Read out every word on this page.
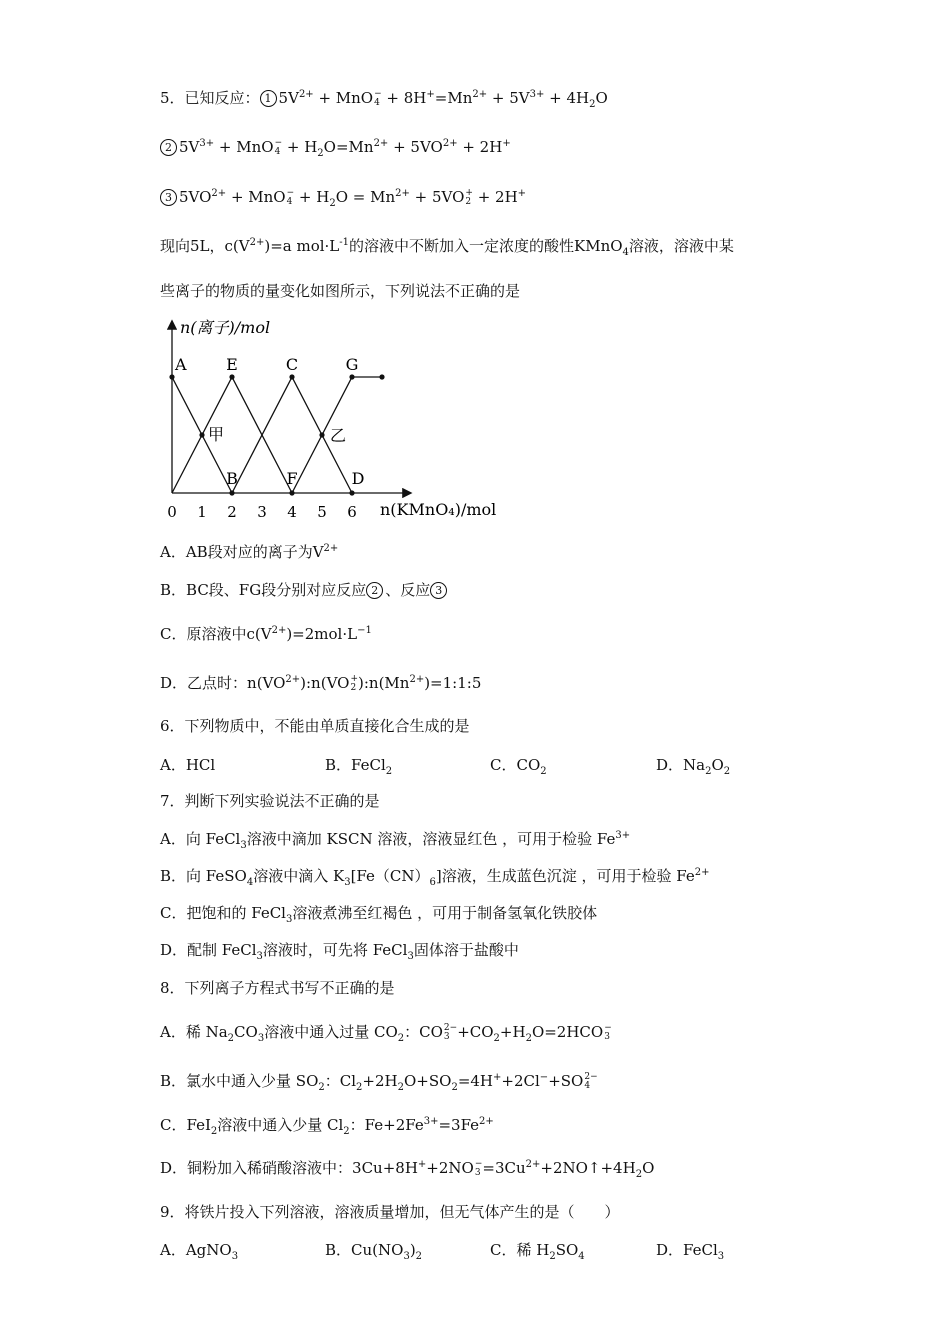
5．已知反应： 1 $5V^{2+}$ + MnO −
$4 + 8H^+=Mn^{2+} + 5V^{3+} + 4H_2O$
2 $5V^{3+}$ + MnO −
$4 + H_2O=Mn^{2+} + 5VO^{2+} + 2H^+$
3 $5VO^{2+}$ + MnO −
$4 + H_2O = Mn^{2+} + 5VO$ +
2 + 2H+
现向5L，$c(V^{2+})=a$ $mol\cdot L^{-1}$的溶液中不断加入一定浓度的酸性KMnO$_4$溶液，溶液中某
些离子的物质的量变化如图所示，下列说法不正确的是
n(离子)/mol
n(KMnO₄)/mol
0 1 2 3 4 5 6
A E	C	G
B	F	D
甲	乙
A．AB段对应的离子为$V^{2+}$
B．BC段、FG段分别对应反应 2 、反应 3
C．原溶液中$c(V^{2+})=2mol\cdot L^{-1}$
D．乙点时：$n(VO^{2+}):n(VO$ +
2 )$:n(Mn^{2+})=1:1:5$
6．下列物质中，不能由单质直接化合生成的是
A．HCl	B．FeCl$_2$	C．$CO_2$	D．$Na_2O_2$
7．判断下列实验说法不正确的是
A．向 FeCl$_3$溶液中滴加 KSCN 溶液，溶液显红色 ，可用于检验 $Fe^{3+}$
B．向 FeSO$_4$溶液中滴入 $K_3[Fe(CN)_6]$溶液，生成蓝色沉淀 ，可用于检验 $Fe^{2+}$
C．把饱和的 FeCl$_3$溶液煮沸至红褐色 ，可用于制备氢氧化铁胶体
D．配制 FeCl$_3$溶液时，可先将 FeCl$_3$固体溶于盐酸中
8．下列离子方程式书写不正确的是
A．稀 $Na_2CO_3$溶液中通入过量 $CO_2$：CO 2−
$3 +CO_2+H_2O=2HCO$ −
3
B．氯水中通入少量 $SO_2$：$Cl_2+2H_2O+SO_2=4H^++2Cl^-+SO$ 2−
4
C．FeI$_2$溶液中通入少量 $Cl_2$：$Fe+2Fe^{3+}=3Fe^{2+}$
D．铜粉加入稀硝酸溶液中：3Cu+8H++2NO −
$3 =3Cu^{2+}+2NO↑+4H_2O$
9．将铁片投入下列溶液，溶液质量增加，但无气体产生的是（　　）
A．AgNO$_3$	B．$Cu(NO_3)_2$	C．稀 $H_2SO_4$	D．FeCl$_3$
